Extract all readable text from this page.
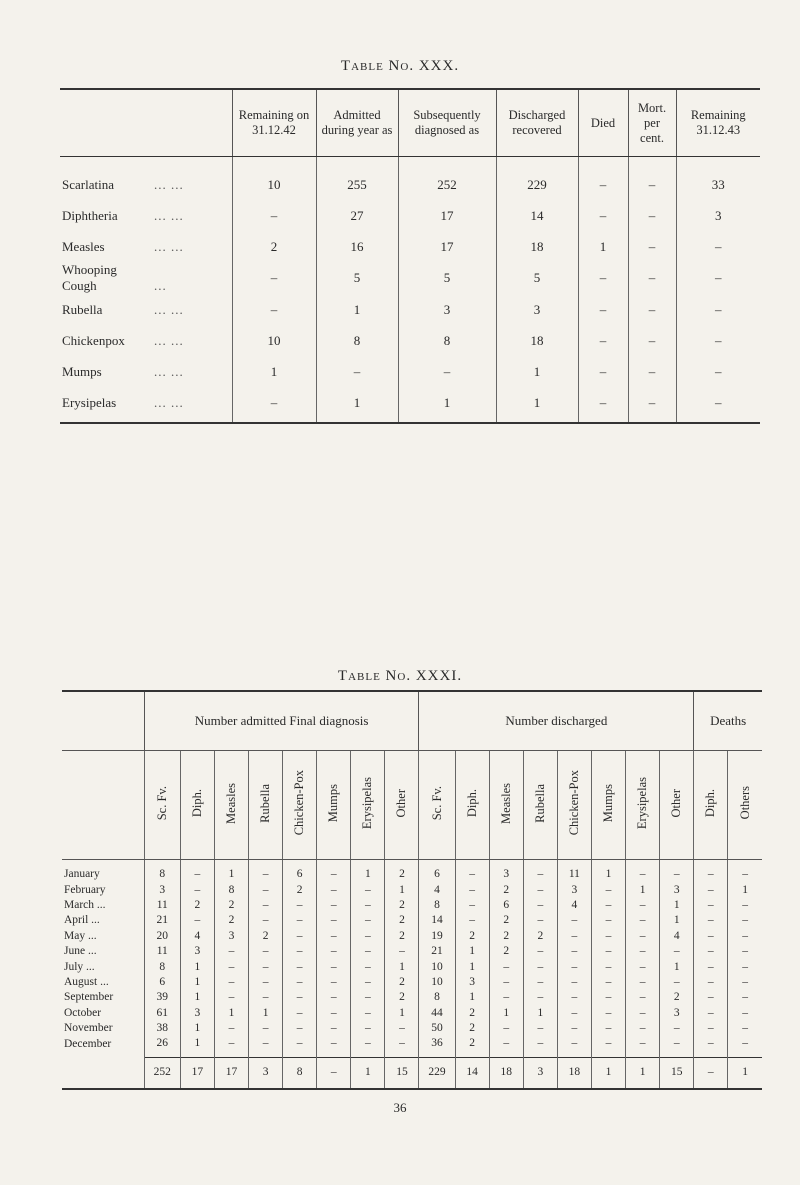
Table No. XXX.
	Remaining on 31.12.42	Admitted during year as	Subsequently diagnosed as	Discharged recovered	Died	Mort. per cent.	Remaining 31.12.43
Scarlatina ... ...	10	255	252	229	–	–	33
Diphtheria ... ...	–	27	17	14	–	–	3
Measles ... ...	2	16	17	18	1	–	–
Whooping Cough ...	–	5	5	5	–	–	–
Rubella ... ...	–	1	3	3	–	–	–
Chickenpox ... ...	10	8	8	18	–	–	–
Mumps ... ...	1	–	–	1	–	–	–
Erysipelas ... ...	–	1	1	1	–	–	–
Table No. XXXI.
	Number admitted Final diagnosis								Number discharged								Deaths	
	Sc. Fv.	Diph.	Measles	Rubella	Chicken-Pox	Mumps	Erysipelas	Other	Sc. Fv.	Diph.	Measles	Rubella	Chicken-Pox	Mumps	Erysipelas	Other	Diph.	Others
January	8	–	1	–	6	–	1	2	6	–	3	–	11	1	–	–	–	–
February	3	–	8	–	2	–	–	1	4	–	2	–	3	–	1	3	–	1
March ...	11	2	2	–	–	–	–	2	8	–	6	–	4	–	–	1	–	–
April ...	21	–	2	–	–	–	–	2	14	–	2	–	–	–	–	1	–	–
May ...	20	4	3	2	–	–	–	2	19	2	2	2	–	–	–	4	–	–
June ...	11	3	–	–	–	–	–	–	21	1	2	–	–	–	–	–	–	–
July ...	8	1	–	–	–	–	–	1	10	1	–	–	–	–	–	1	–	–
August ...	6	1	–	–	–	–	–	2	10	3	–	–	–	–	–	–	–	–
September	39	1	–	–	–	–	–	2	8	1	–	–	–	–	–	2	–	–
October	61	3	1	1	–	–	–	1	44	2	1	1	–	–	–	3	–	–
November	38	1	–	–	–	–	–	–	50	2	–	–	–	–	–	–	–	–
December	26	1	–	–	–	–	–	–	36	2	–	–	–	–	–	–	–	–
	252	17	17	3	8	–	1	15	229	14	18	3	18	1	1	15	–	1
36
